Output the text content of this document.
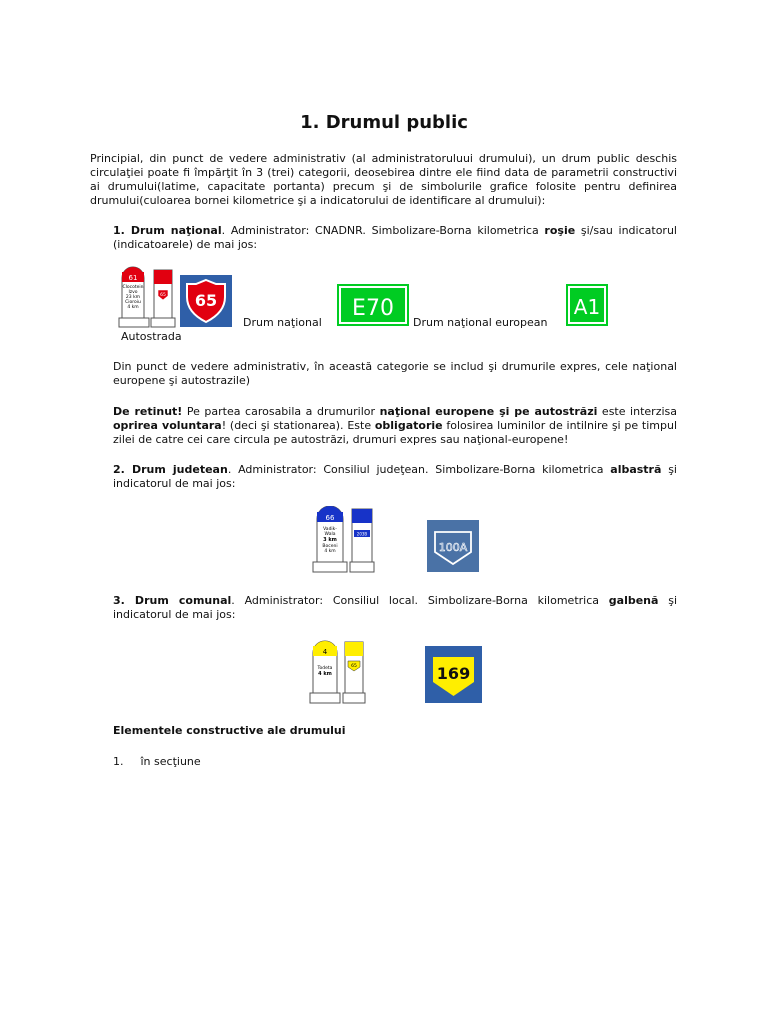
1. Drumul public

Principial, din punct de vedere administrativ (al administratoruluui drumului), un drum public deschis circulaţiei poate fi împărţit în 3 (trei) categorii, deosebirea dintre ele fiind data de parametrii constructivi ai drumului(latime, capacitate portanta) precum şi de simbolurile grafice folosite pentru definirea drumului(culoarea bornei kilometrice şi a indicatorului de identificare al drumului):

1. Drum naţional. Administrator: CNADNR. Simbolizare-Borna kilometrica roşie şi/sau indicatorul (indicatoarele) de mai jos:

61
Clocotein
Izvo
23 km
Cioroiu
4 km
65 65
Drum naţional
E70
Drum naţional european
A1
Autostrada

Din punct de vedere administrativ, în această categorie se includ şi drumurile expres, cele naţional europene şi autostrazile)

De retinut! Pe partea carosabila a drumurilor naţional europene şi pe autostrăzi este interzisa oprirea voluntara! (deci şi stationarea). Este obligatorie folosirea luminilor de intilnire şi pe timpul zilei de catre cei care circula pe autostrăzi, drumuri expres sau naţional-europene!

2. Drum judetean. Administrator: Consiliul judeţean. Simbolizare-Borna kilometrica albastră şi indicatorul de mai jos:

66
Vadik-
Wala
3 km
Boceni
4 km
203B
100A

3. Drum comunal. Administrator: Consiliul local. Simbolizare-Borna kilometrica galbenă şi indicatorul de mai jos:

4
Todeta
4 km
65	169
Elementele constructive ale drumului
1. în secţiune
